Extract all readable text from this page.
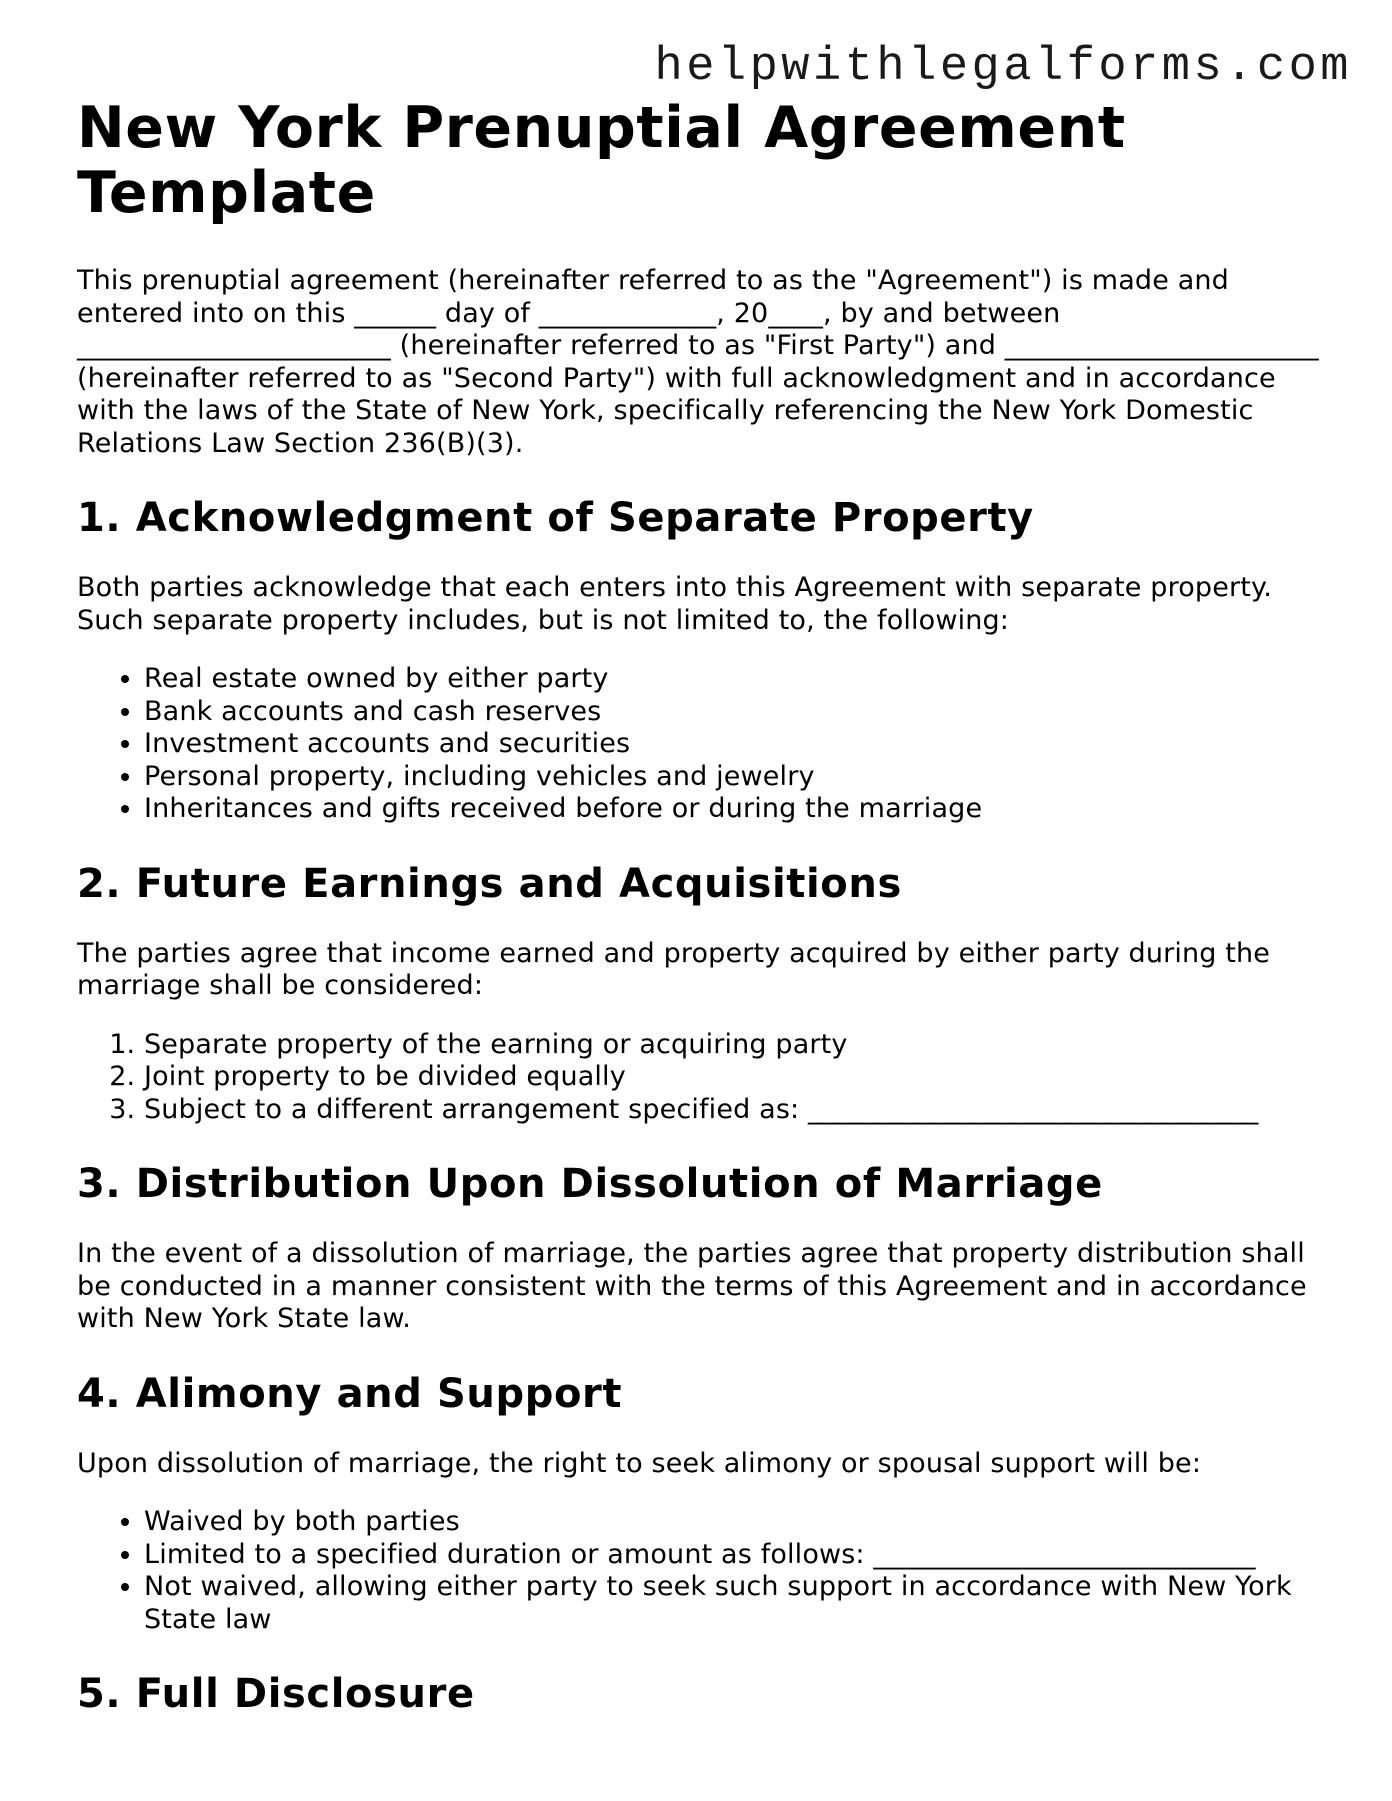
helpwithlegalforms.com
New York Prenuptial Agreement Template

This prenuptial agreement (hereinafter referred to as the "Agreement") is made and entered into on this ______ day of _____________, 20____, by and between _______________________ (hereinafter referred to as "First Party") and _______________________ (hereinafter referred to as "Second Party") with full acknowledgment and in accordance with the laws of the State of New York, specifically referencing the New York Domestic Relations Law Section 236(B)(3).

1. Acknowledgment of Separate Property

Both parties acknowledge that each enters into this Agreement with separate property. Such separate property includes, but is not limited to, the following:

• Real estate owned by either party
• Bank accounts and cash reserves
• Investment accounts and securities
• Personal property, including vehicles and jewelry
• Inheritances and gifts received before or during the marriage
2. Future Earnings and Acquisitions

The parties agree that income earned and property acquired by either party during the marriage shall be considered:

1. Separate property of the earning or acquiring party
2. Joint property to be divided equally
3. Subject to a different arrangement specified as: _________________________________
3. Distribution Upon Dissolution of Marriage

In the event of a dissolution of marriage, the parties agree that property distribution shall be conducted in a manner consistent with the terms of this Agreement and in accordance with New York State law.

4. Alimony and Support

Upon dissolution of marriage, the right to seek alimony or spousal support will be:

• Waived by both parties
• Limited to a specified duration or amount as follows: ____________________________
• Not waived, allowing either party to seek such support in accordance with New York State law
5. Full Disclosure
